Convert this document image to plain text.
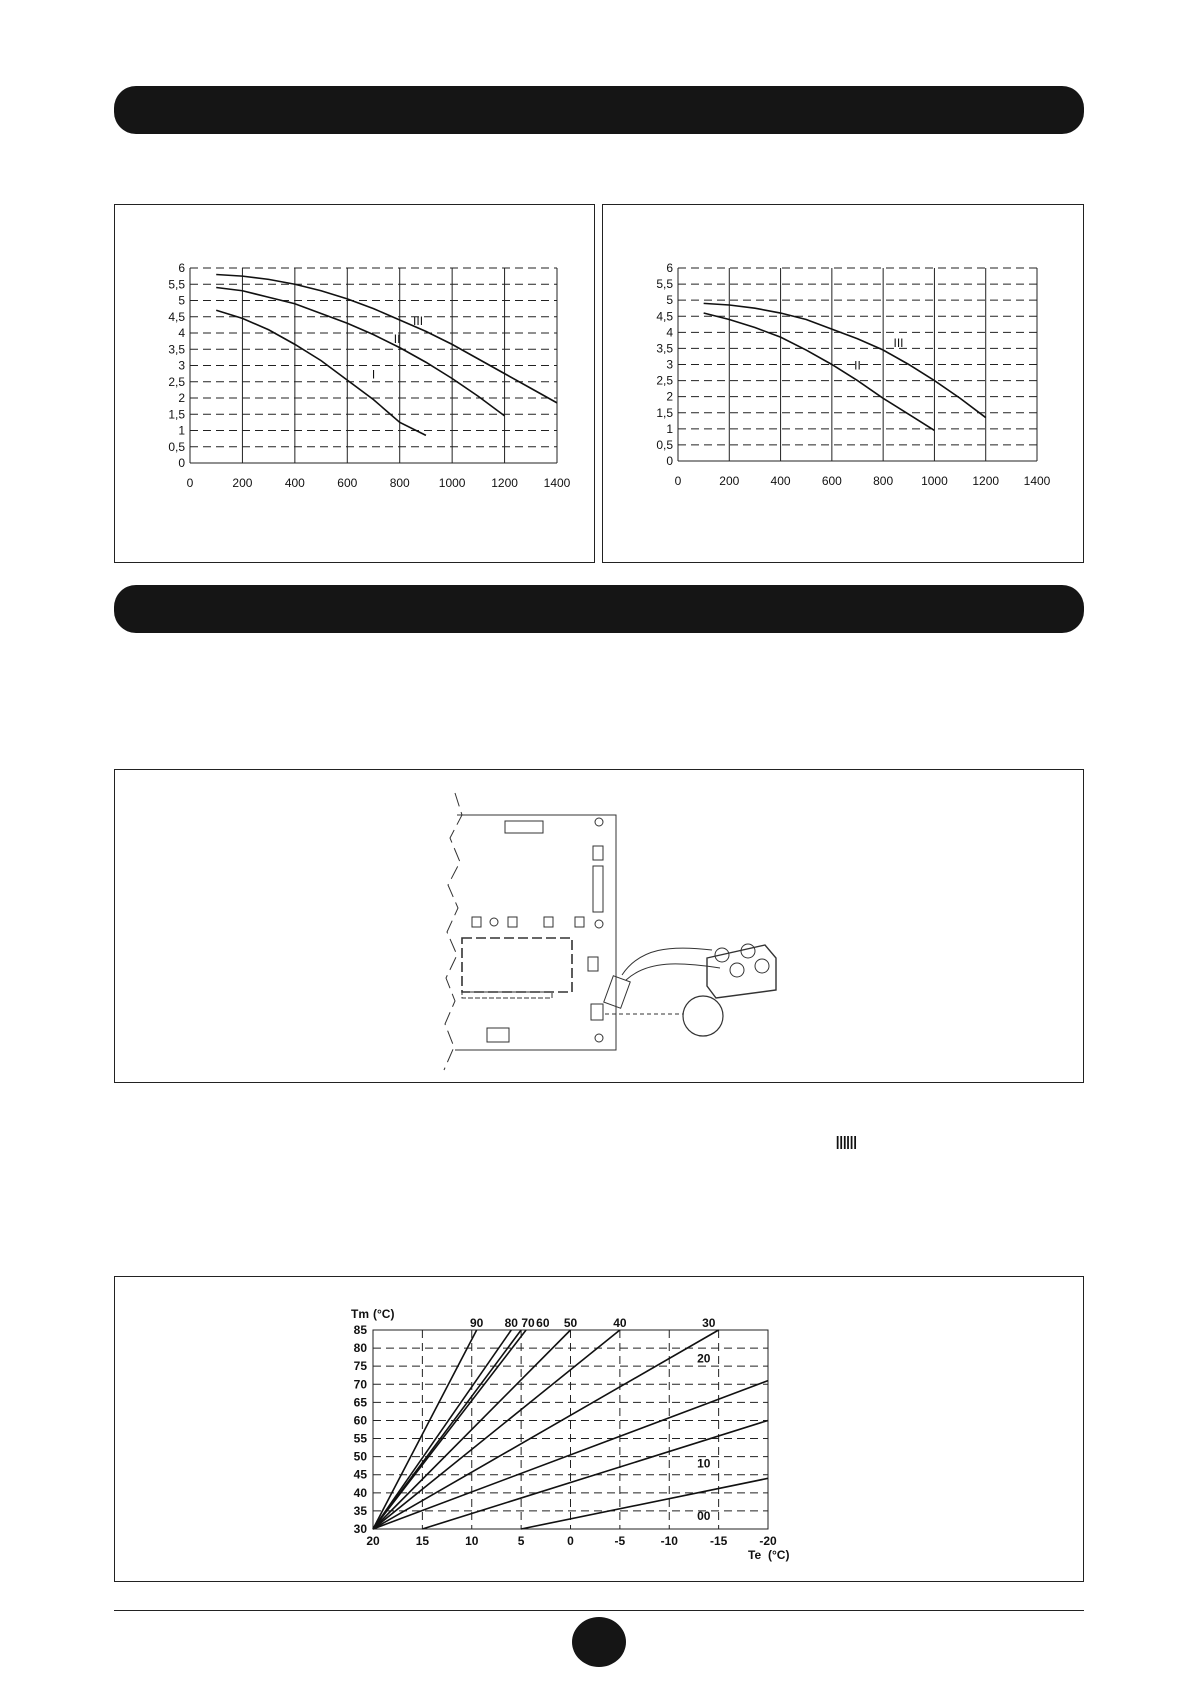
0
0,5
1
1,5
2
2,5
3
3,5
4
4,5
5
5,5
6
0	200	400	600	800 1000 1200 1400
I
II
III
0
0,5
1
1,5
2
2,5
3
3,5
4
4,5
5
5,5
6
0	200	400	600	800 1000 1200 1400
II
III
30
35
40
45
50
55
60
65
70
75
80
85
20	15	10	5	0	-5	-10	-15	-20
Tm (°C)
Te (°C)
90 80 70 60 50	40	30
20
10
00
ⅢⅢ
